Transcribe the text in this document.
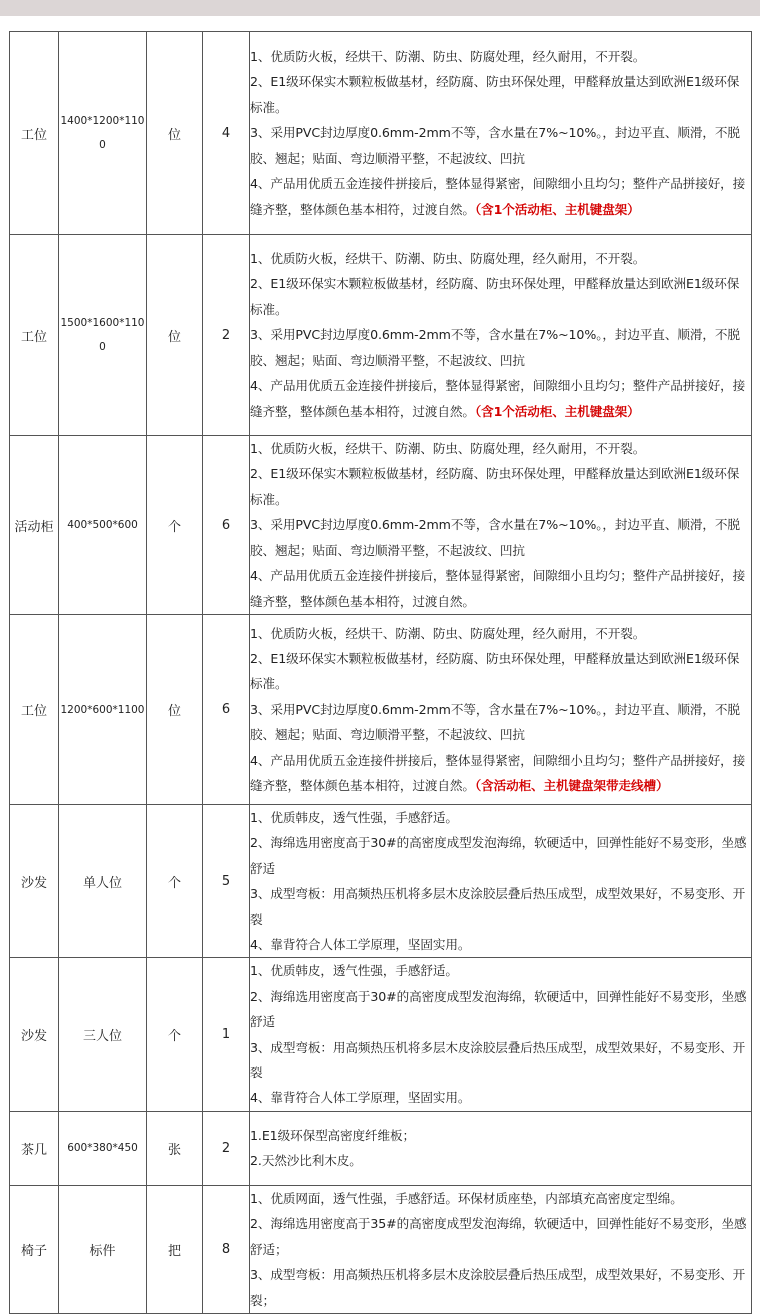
工位	1400*1200*1100	位	4	1、优质防火板，经烘干、防潮、防虫、防腐处理，经久耐用，不开裂。
2、E1级环保实木颗粒板做基材，经防腐、防虫环保处理，甲醛释放量达到欧洲E1级环保标准。
3、采用PVC封边厚度0.6mm-2mm不等，含水量在7%~10%。，封边平直、顺滑，不脱胶、翘起；贴面、弯边顺滑平整，不起波纹、凹抗
4、产品用优质五金连接件拼接后，整体显得紧密，间隙细小且均匀；整件产品拼接好，接缝齐整，整体颜色基本相符，过渡自然。（含1个活动柜、主机键盘架）

工位	1500*1600*1100	位	2	1、优质防火板，经烘干、防潮、防虫、防腐处理，经久耐用，不开裂。
2、E1级环保实木颗粒板做基材，经防腐、防虫环保处理，甲醛释放量达到欧洲E1级环保标准。
3、采用PVC封边厚度0.6mm-2mm不等，含水量在7%~10%。，封边平直、顺滑，不脱胶、翘起；贴面、弯边顺滑平整，不起波纹、凹抗
4、产品用优质五金连接件拼接后，整体显得紧密，间隙细小且均匀；整件产品拼接好，接缝齐整，整体颜色基本相符，过渡自然。（含1个活动柜、主机键盘架）

活动柜	400*500*600	个	6	1、优质防火板，经烘干、防潮、防虫、防腐处理，经久耐用，不开裂。
2、E1级环保实木颗粒板做基材，经防腐、防虫环保处理，甲醛释放量达到欧洲E1级环保标准。
3、采用PVC封边厚度0.6mm-2mm不等，含水量在7%~10%。，封边平直、顺滑，不脱胶、翘起；贴面、弯边顺滑平整，不起波纹、凹抗
4、产品用优质五金连接件拼接后，整体显得紧密，间隙细小且均匀；整件产品拼接好，接缝齐整，整体颜色基本相符，过渡自然。

工位	1200*600*1100	位	6	1、优质防火板，经烘干、防潮、防虫、防腐处理，经久耐用，不开裂。
2、E1级环保实木颗粒板做基材，经防腐、防虫环保处理，甲醛释放量达到欧洲E1级环保标准。
3、采用PVC封边厚度0.6mm-2mm不等，含水量在7%~10%。，封边平直、顺滑，不脱胶、翘起；贴面、弯边顺滑平整，不起波纹、凹抗
4、产品用优质五金连接件拼接后，整体显得紧密，间隙细小且均匀；整件产品拼接好，接缝齐整，整体颜色基本相符，过渡自然。（含活动柜、主机键盘架带走线槽）

沙发	单人位	个	5	1、优质韩皮，透气性强，手感舒适。
2、海绵选用密度高于30#的高密度成型发泡海绵，软硬适中，回弹性能好不易变形，坐感舒适
3、成型弯板：用高频热压机将多层木皮涂胶层叠后热压成型，成型效果好，不易变形、开裂
4、靠背符合人体工学原理，坚固实用。

沙发	三人位	个	1	1、优质韩皮，透气性强，手感舒适。
2、海绵选用密度高于30#的高密度成型发泡海绵，软硬适中，回弹性能好不易变形，坐感舒适
3、成型弯板：用高频热压机将多层木皮涂胶层叠后热压成型，成型效果好，不易变形、开裂
4、靠背符合人体工学原理，坚固实用。

茶几	600*380*450	张	2	1.E1级环保型高密度纤维板；
2.天然沙比利木皮。

椅子	标件	把	8	1、优质网面，透气性强，手感舒适。环保材质座垫，内部填充高密度定型绵。
2、海绵选用密度高于35#的高密度成型发泡海绵，软硬适中，回弹性能好不易变形，坐感舒适；
3、成型弯板：用高频热压机将多层木皮涂胶层叠后热压成型，成型效果好，不易变形、开裂；
